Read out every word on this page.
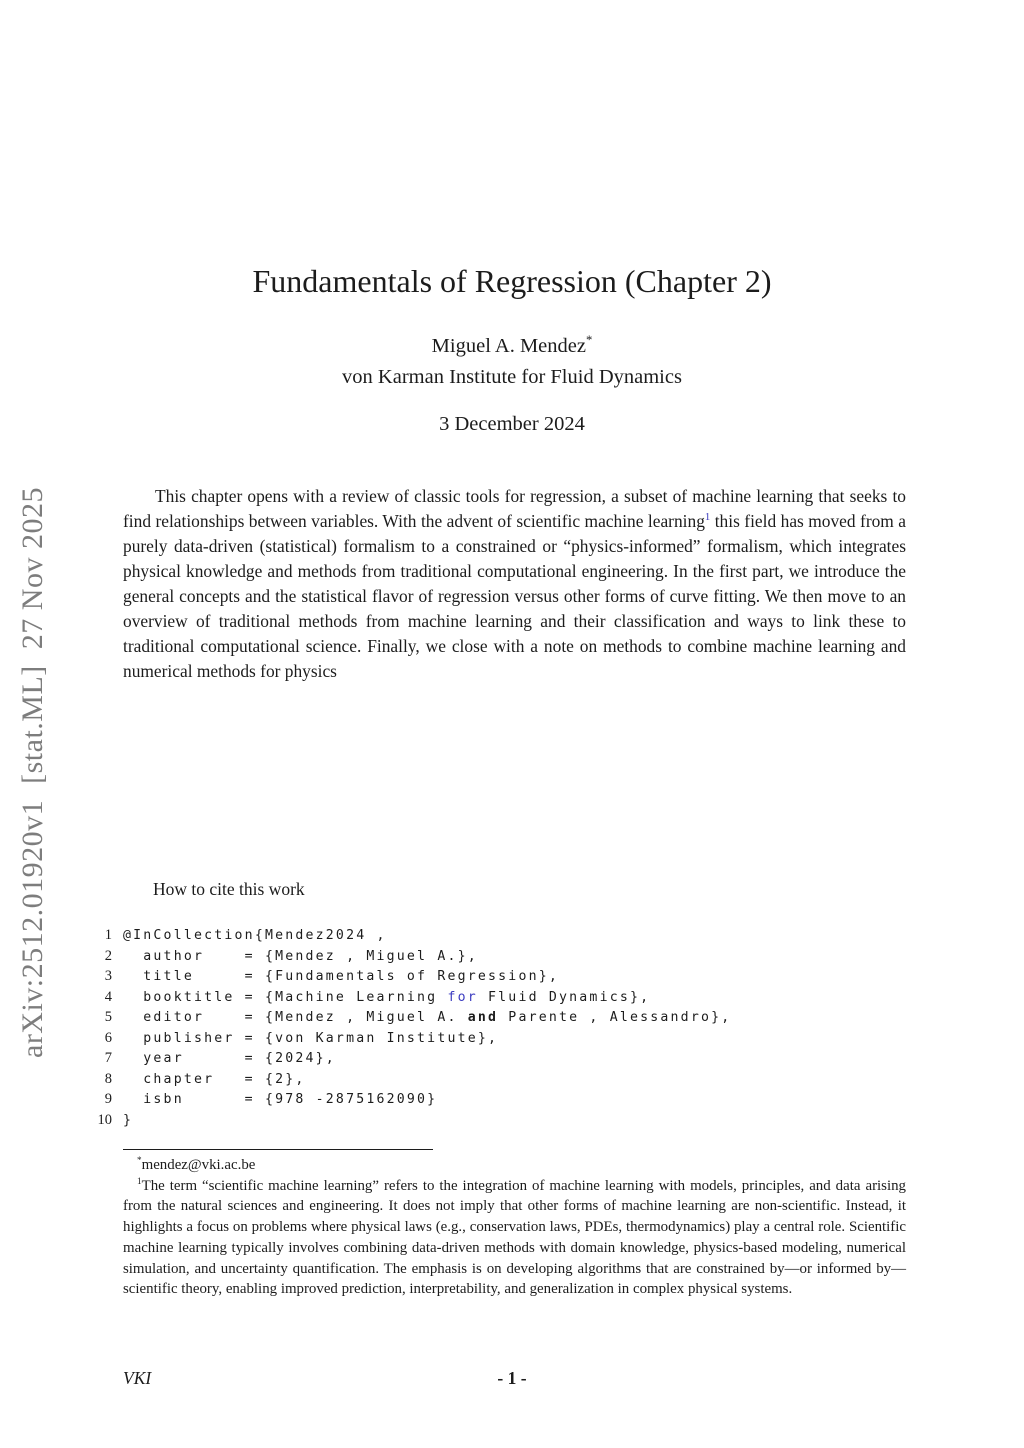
arXiv:2512.01920v1  [stat.ML]  27 Nov 2025
Fundamentals of Regression (Chapter 2)
Miguel A. Mendez*
von Karman Institute for Fluid Dynamics
3 December 2024
This chapter opens with a review of classic tools for regression, a subset of machine learning that seeks to find relationships between variables. With the advent of scientific machine learning$^1$ this field has moved from a purely data-driven (statistical) formalism to a constrained or “physics-informed” formalism, which integrates physical knowledge and methods from traditional computational engineering. In the first part, we introduce the general concepts and the statistical flavor of regression versus other forms of curve fitting. We then move to an overview of traditional methods from machine learning and their classification and ways to link these to traditional computational science. Finally, we close with a note on methods to combine machine learning and numerical methods for physics
How to cite this work
1 @InCollection{Mendez2024 ,
2 author    = {Mendez , Miguel A.},
3 title     = {Fundamentals of Regression},
4 booktitle = {Machine Learning for Fluid Dynamics},
5 editor    = {Mendez , Miguel A. and Parente , Alessandro},
6 publisher = {von Karman Institute},
7 year      = {2024},
8 chapter   = {2},
9 isbn      = {978 -2875162090}
10 }

*mendez@vki.ac.be

$^1$The term “scientific machine learning” refers to the integration of machine learning with models, principles, and data arising from the natural sciences and engineering. It does not imply that other forms of machine learning are non-scientific. Instead, it highlights a focus on problems where physical laws (e.g., conservation laws, PDEs, thermodynamics) play a central role. Scientific machine learning typically involves combining data-driven methods with domain knowledge, physics-based modeling, numerical simulation, and uncertainty quantification. The emphasis is on developing algorithms that are constrained by—or informed by—scientific theory, enabling improved prediction, interpretability, and generalization in complex physical systems.

VKI	- 1 -
